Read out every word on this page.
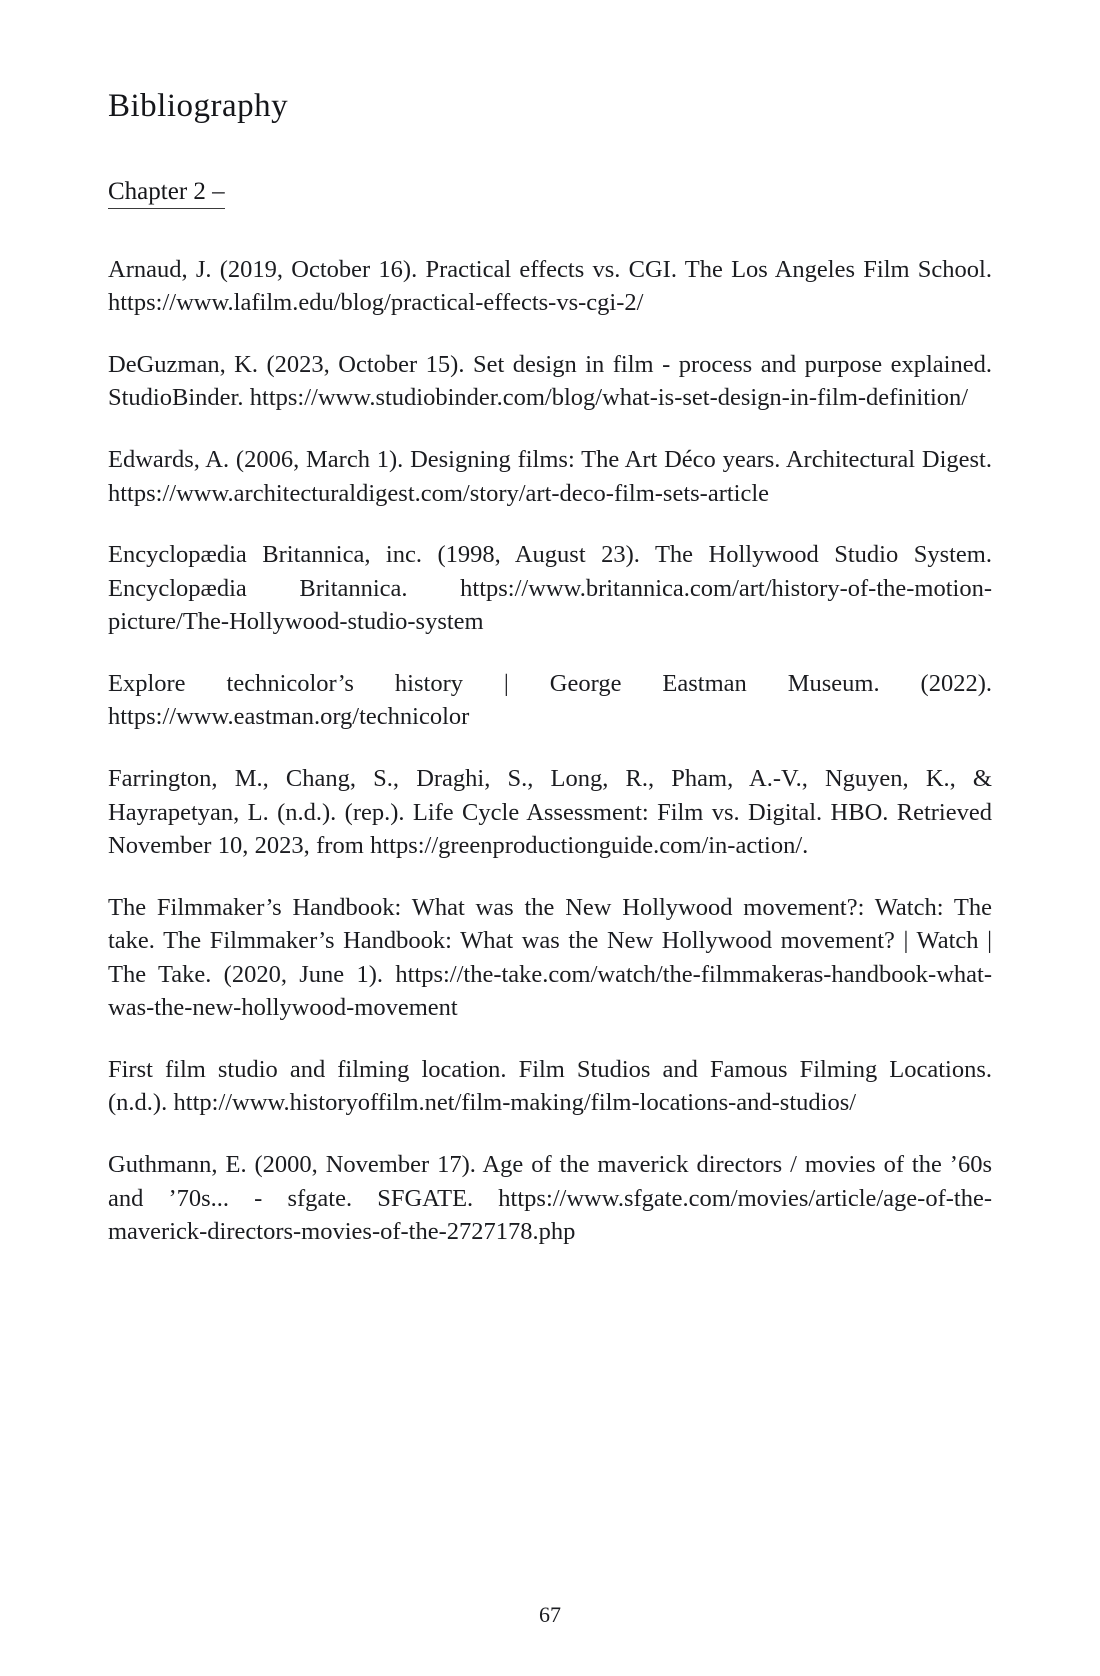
Bibliography
Chapter 2 –

Arnaud, J. (2019, October 16). Practical effects vs. CGI. The Los Angeles Film School. https://www.lafilm.edu/blog/practical-effects-vs-cgi-2/

DeGuzman, K. (2023, October 15). Set design in film - process and purpose explained. StudioBinder. https://www.studiobinder.com/blog/what-is-set-design-in-film-definition/

Edwards, A. (2006, March 1). Designing films: The Art Déco years. Architectural Digest. https://www.architecturaldigest.com/story/art-deco-film-sets-article

Encyclopædia Britannica, inc. (1998, August 23). The Hollywood Studio System. Encyclopædia Britannica. https://www.britannica.com/art/history-of-the-motion-picture/The-Hollywood-studio-system

Explore technicolor’s history | George Eastman Museum. (2022). https://www.eastman.org/technicolor

Farrington, M., Chang, S., Draghi, S., Long, R., Pham, A.-V., Nguyen, K., & Hayrapetyan, L. (n.d.). (rep.). Life Cycle Assessment: Film vs. Digital. HBO. Retrieved November 10, 2023, from https://greenproductionguide.com/in-action/.

The Filmmaker’s Handbook: What was the New Hollywood movement?: Watch: The take. The Filmmaker’s Handbook: What was the New Hollywood movement? | Watch | The Take. (2020, June 1). https://the-take.com/watch/the-filmmakeras-handbook-what-was-the-new-hollywood-movement

First film studio and filming location. Film Studios and Famous Filming Locations. (n.d.). http://www.historyoffilm.net/film-making/film-locations-and-studios/

Guthmann, E. (2000, November 17). Age of the maverick directors / movies of the ’60s and ’70s... - sfgate. SFGATE. https://www.sfgate.com/movies/article/age-of-the-maverick-directors-movies-of-the-2727178.php

67
